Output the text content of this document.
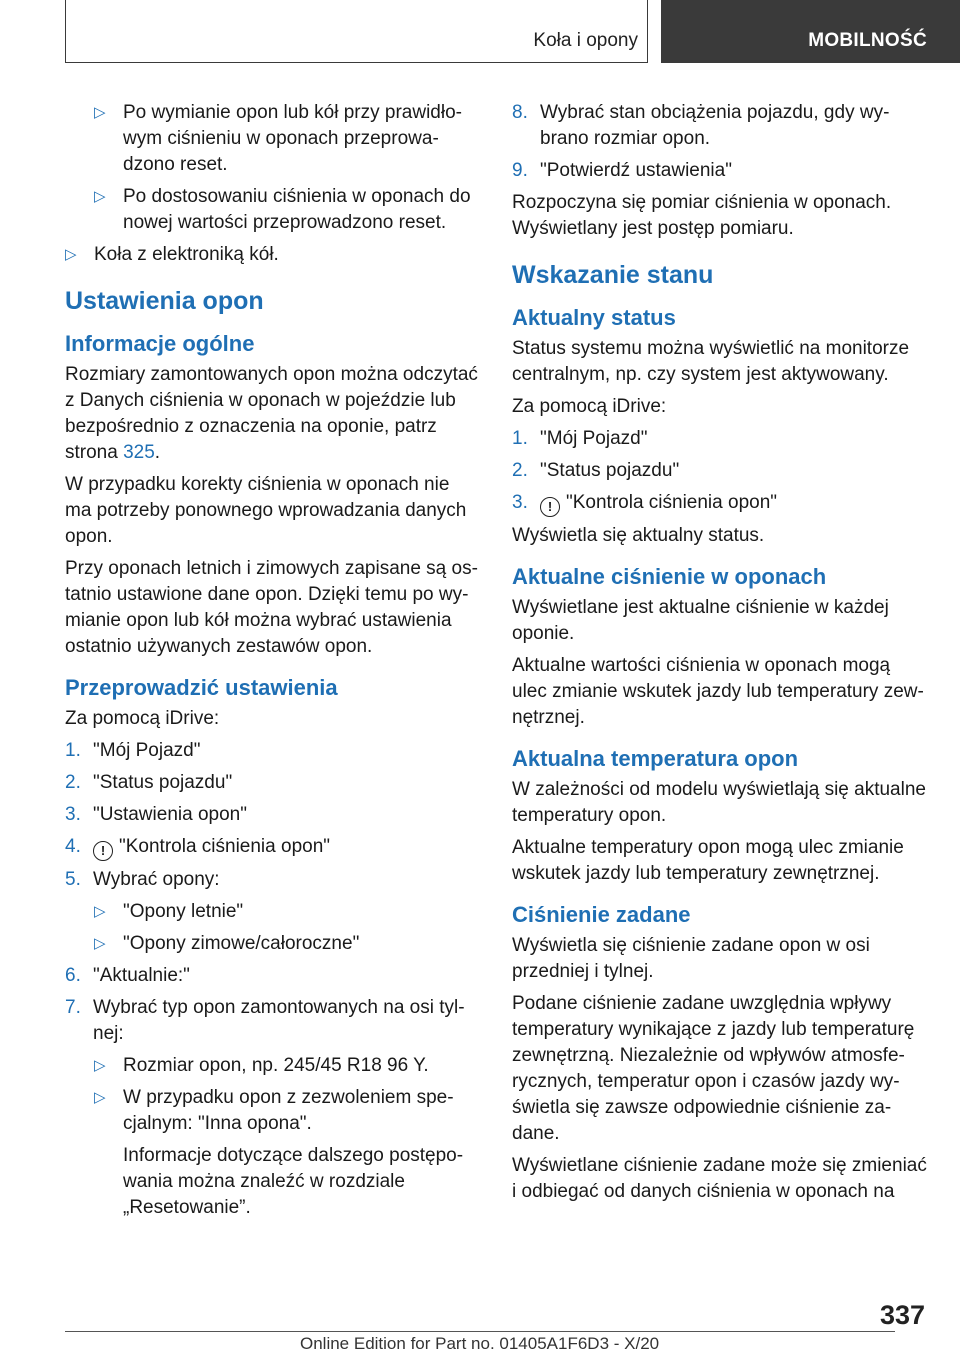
Koła i opony	MOBILNOŚĆ
▷ Po wymianie opon lub kół przy prawidłowym ciśnieniu w oponach przeprowadzono reset.
▷ Po dostosowaniu ciśnienia w oponach do nowej wartości przeprowadzono reset.
▷ Koła z elektroniką kół.
Ustawienia opon
Informacje ogólne

Rozmiary zamontowanych opon można odczytać z Danych ciśnienia w oponach w pojeździe lub bezpośrednio z oznaczenia na oponie, patrz strona 325.

W przypadku korekty ciśnienia w oponach nie ma potrzeby ponownego wprowadzania danych opon.

Przy oponach letnich i zimowych zapisane są ostatnio ustawione dane opon. Dzięki temu po wymianie opon lub kół można wybrać ustawienia ostatnio używanych zestawów opon.

Przeprowadzić ustawienia

Za pomocą iDrive:

1. "Mój Pojazd"
2. "Status pojazdu"
3. "Ustawienia opon"
4. ! "Kontrola ciśnienia opon"
5. Wybrać opony:
▷ "Opony letnie"
▷ "Opony zimowe/całoroczne"
6. "Aktualnie:"
7. Wybrać typ opon zamontowanych na osi tylnej:
▷ Rozmiar opon, np. 245/45 R18 96 Y.
▷ W przypadku opon z zezwoleniem specjalnym: "Inna opona".

Informacje dotyczące dalszego postępowania można znaleźć w rozdziale „Resetowanie”.

8. Wybrać stan obciążenia pojazdu, gdy wybrano rozmiar opon.
9. "Potwierdź ustawienia"

Rozpoczyna się pomiar ciśnienia w oponach. Wyświetlany jest postęp pomiaru.

Wskazanie stanu
Aktualny status

Status systemu można wyświetlić na monitorze centralnym, np. czy system jest aktywowany.

Za pomocą iDrive:

1. "Mój Pojazd"
2. "Status pojazdu"
3. ! "Kontrola ciśnienia opon"

Wyświetla się aktualny status.

Aktualne ciśnienie w oponach

Wyświetlane jest aktualne ciśnienie w każdej oponie.

Aktualne wartości ciśnienia w oponach mogą ulec zmianie wskutek jazdy lub temperatury zewnętrznej.

Aktualna temperatura opon

W zależności od modelu wyświetlają się aktualne temperatury opon.

Aktualne temperatury opon mogą ulec zmianie wskutek jazdy lub temperatury zewnętrznej.

Ciśnienie zadane

Wyświetla się ciśnienie zadane opon w osi przedniej i tylnej.

Podane ciśnienie zadane uwzględnia wpływy temperatury wynikające z jazdy lub temperaturę zewnętrzną. Niezależnie od wpływów atmosferycznych, temperatur opon i czasów jazdy wyświetla się zawsze odpowiednie ciśnienie zadane.

Wyświetlane ciśnienie zadane może się zmieniać i odbiegać od danych ciśnienia w oponach na

337
Online Edition for Part no. 01405A1F6D3 - X/20
